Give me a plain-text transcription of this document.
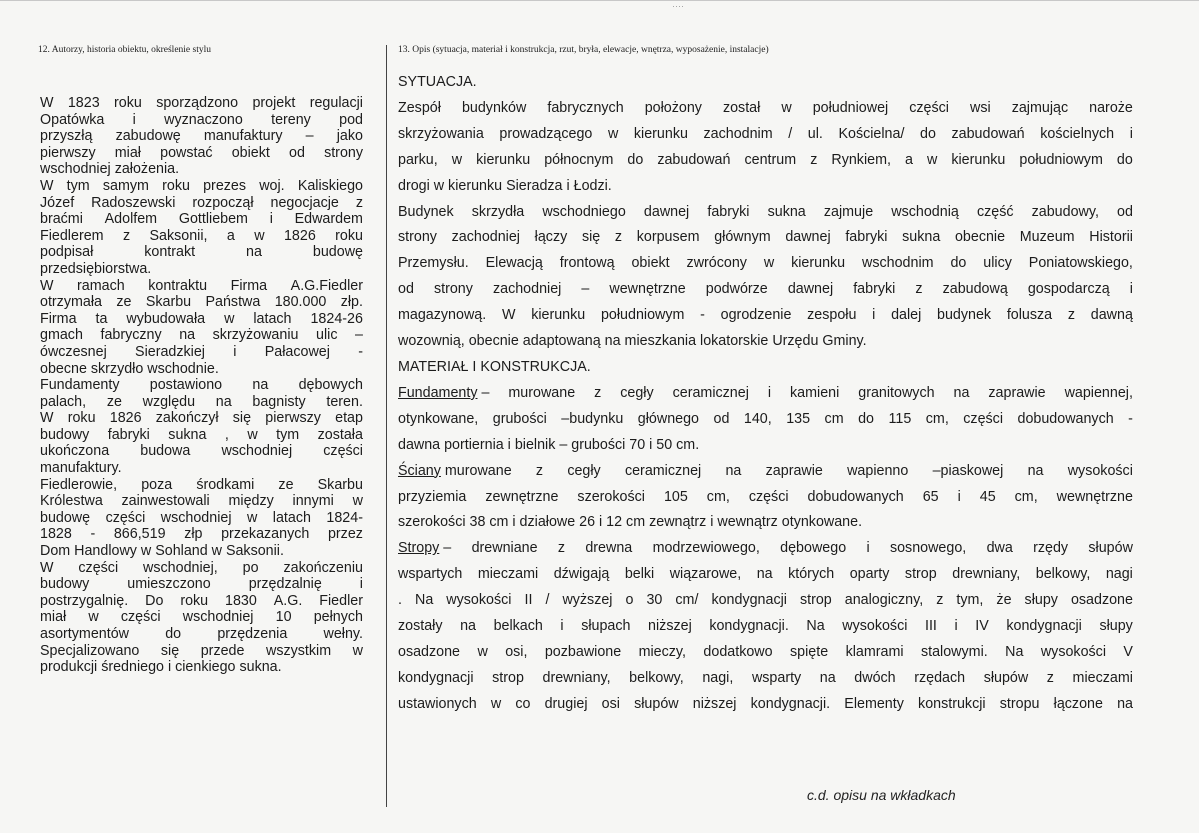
····
12. Autorzy, historia obiektu, określenie stylu	13. Opis (sytuacja, materiał i konstrukcja, rzut, bryła, elewacje, wnętrza, wyposażenie, instalacje)
W 1823 roku sporządzono projekt regulacji
Opatówka i wyznaczono tereny pod
przyszłą zabudowę manufaktury – jako
pierwszy miał powstać obiekt od strony
wschodniej założenia.
W tym samym roku prezes woj. Kaliskiego
Józef Radoszewski rozpoczął negocjacje z
braćmi Adolfem Gottliebem i Edwardem
Fiedlerem z Saksonii, a w 1826 roku
podpisał	kontrakt	na	budowę
przedsiębiorstwa.
W ramach kontraktu Firma A.G.Fiedler
otrzymała ze Skarbu Państwa 180.000 złp.
Firma ta wybudowała w latach 1824-26
gmach fabryczny na skrzyżowaniu ulic –
ówczesnej Sieradzkiej i Pałacowej -
obecne skrzydło wschodnie.
Fundamenty postawiono na dębowych
palach, ze względu na bagnisty teren.
W roku 1826 zakończył się pierwszy etap
budowy fabryki sukna , w tym została
ukończona budowa wschodniej części
manufaktury.
Fiedlerowie, poza środkami ze Skarbu
Królestwa zainwestowali między innymi w
budowę części wschodniej w latach 1824-
1828 - 866,519 złp przekazanych przez
Dom Handlowy w Sohland w Saksonii.
W części wschodniej, po zakończeniu
budowy	umieszczono	przędzalnię	i
postrzygalnię. Do roku 1830 A.G. Fiedler
miał w części wschodniej 10 pełnych
asortymentów	do	przędzenia	wełny.
Specjalizowano się przede wszystkim w
produkcji średniego i cienkiego sukna.
SYTUACJA.
Zespół budynków fabrycznych położony został w południowej części wsi zajmując naroże
skrzyżowania prowadzącego w kierunku zachodnim / ul. Kościelna/ do zabudowań kościelnych i
parku, w kierunku północnym do zabudowań centrum z Rynkiem, a w kierunku południowym do
drogi w kierunku Sieradza i Łodzi.
Budynek skrzydła wschodniego dawnej fabryki sukna zajmuje wschodnią część zabudowy, od
strony zachodniej łączy się z korpusem głównym dawnej fabryki sukna obecnie Muzeum Historii
Przemysłu. Elewacją frontową obiekt zwrócony w kierunku wschodnim do ulicy Poniatowskiego,
od strony zachodniej – wewnętrzne podwórze dawnej fabryki z zabudową gospodarczą i
magazynową. W kierunku południowym - ogrodzenie zespołu i dalej budynek folusza z dawną
wozownią, obecnie adaptowaną na mieszkania lokatorskie Urzędu Gminy.
MATERIAŁ I KONSTRUKCJA.
Fundamenty – murowane z cegły ceramicznej i kamieni granitowych na zaprawie wapiennej,
otynkowane, grubości –budynku głównego od 140, 135 cm do 115 cm, części dobudowanych -
dawna portiernia i bielnik – grubości 70 i 50 cm.
Ściany murowane z cegły ceramicznej na zaprawie wapienno –piaskowej na wysokości
przyziemia zewnętrzne szerokości 105 cm, części dobudowanych 65 i 45 cm, wewnętrzne
szerokości 38 cm i działowe 26 i 12 cm zewnątrz i wewnątrz otynkowane.
Stropy – drewniane z drewna modrzewiowego, dębowego i sosnowego, dwa rzędy słupów
wspartych mieczami dźwigają belki wiązarowe, na których oparty strop drewniany, belkowy, nagi
. Na wysokości II / wyższej o 30 cm/ kondygnacji strop analogiczny, z tym, że słupy osadzone
zostały na belkach i słupach niższej kondygnacji. Na wysokości III i IV kondygnacji słupy
osadzone w osi, pozbawione mieczy, dodatkowo spięte klamrami stalowymi. Na wysokości V
kondygnacji strop drewniany, belkowy, nagi, wsparty na dwóch rzędach słupów z mieczami
ustawionych w co drugiej osi słupów niższej kondygnacji. Elementy konstrukcji stropu łączone na
c.d. opisu na wkładkach
